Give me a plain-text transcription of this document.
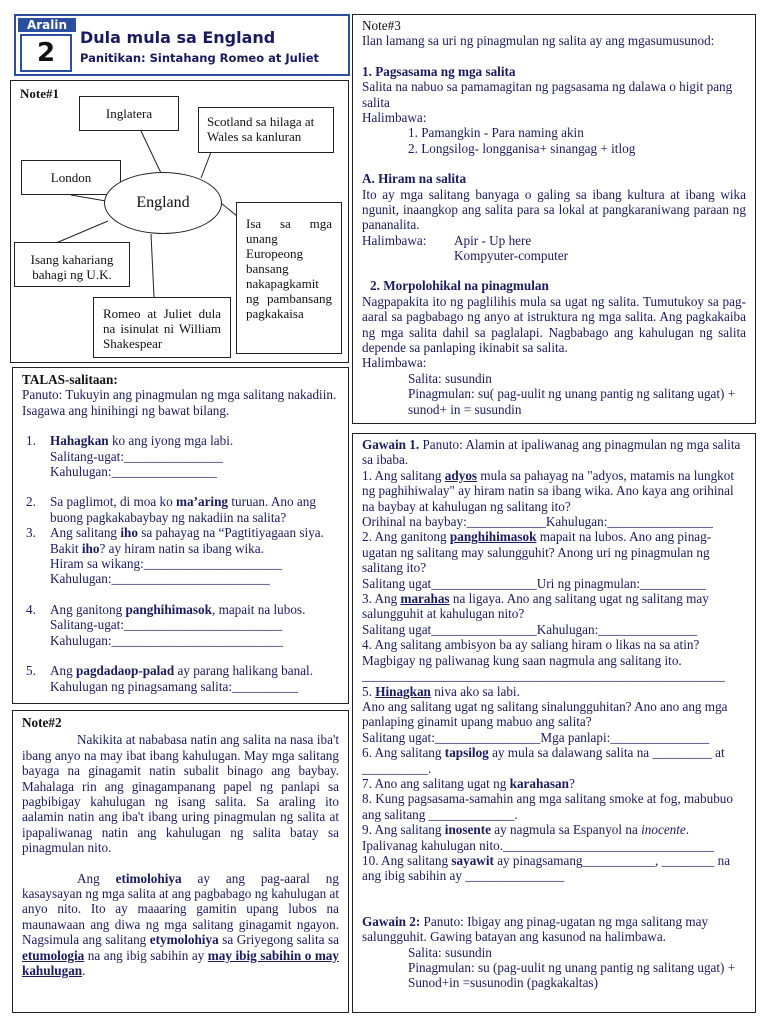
Aralin
2
Dula mula sa England
Panitikan: Sintahang Romeo at Juliet
Note#1
Inglatera
Scotland sa hilaga at Wales sa kanluran
London
England
Isa sa mga unang Europeong bansang nakapagkamit ng pambansang pagkakaisa
Isang kahariang bahagi ng U.K.
Romeo at Juliet dula na isinulat ni William Shakespear

TALAS-salitaan:

Panuto: Tukuyin ang pinagmulan ng mga salitang nakadiin. Isagawa ang hinihingi ng bawat bilang.

1.	Hahagkan ko ang iyong mga labi.

Salitang-ugat:_______________

Kahulugan:________________

2.	Sa paglimot, di moa ko ma’aring turuan. Ano ang buong pagkakabaybay ng nakadiin na salita?

3.	Ang salitang iho sa pahayag na “Pagtitiyagaan siya. Bakit iho? ay hiram natin sa ibang wika.

Hiram sa wikang:_____________________

Kahulugan:________________________

4.	Ang ganitong panghihimasok, mapait na lubos.

Salitang-ugat:________________________

Kahulugan:__________________________

5.	Ang pagdadaop-palad ay parang halikang banal.

Kahulugan ng pinagsamang salita:__________

Note#2

Nakikita at nababasa natin ang salita na nasa iba't ibang anyo na may ibat ibang kahulugan. May mga salitang bayaga na ginagamit natin subalit binago ang baybay. Mahalaga rin ang ginagampanang papel ng panlapi sa pagbibigay kahulugan ng isang salita. Sa araling ito aalamin natin ang iba't ibang uring pinagmulan ng salita at ipapaliwanag natin ang kahulugan ng salita batay sa pinagmulan nito.

Ang etimolohiya ay ang pag-aaral ng kasaysayan ng mga salita at ang pagbabago ng kahulugan at anyo nito. Ito ay maaaring gamitin upang lubos na maunawaan ang diwa ng mga salitang ginagamit ngayon. Nagsimula ang salitang etymolohiya sa Griyegong salita sa etumologia na ang ibig sabihin ay may ibig sabihin o may kahulugan.

Note#3

Ilan lamang sa uri ng pinagmulan ng salita ay ang mgasumusunod:

1. Pagsasama ng mga salita

Salita na nabuo sa pamamagitan ng pagsasama ng dalawa o higit pang salita

Halimbawa:

1. Pamangkin - Para naming akin

2. Longsilog- longganisa+ sinangag + itlog

A. Hiram na salita

Ito ay mga salitang banyaga o galing sa ibang kultura at ibang wika ngunit, inaangkop ang salita para sa lokal at pangkaraniwang paraan ng pananalita.

Halimbawa: Apir - Up here

Kompyuter-computer

2. Morpolohikal na pinagmulan

Nagpapakita ito ng paglilihis mula sa ugat ng salita. Tumutukoy sa pag-aaral sa pagbabago ng anyo at istruktura ng mga salita. Ang pagkakaiba ng mga salita dahil sa paglalapi. Nagbabago ang kahulugan ng salita depende sa panlaping ikinabit sa salita.

Halimbawa:

Salita: susundin

Pinagmulan: su( pag-uulit ng unang pantig ng salitang ugat) + sunod+ in = susundin

Gawain 1. Panuto: Alamin at ipaliwanag ang pinagmulan ng mga salita sa ibaba.

1. Ang salitang adyos mula sa pahayag na "adyos, matamis na lungkot ng paghihiwalay" ay hiram natin sa ibang wika. Ano kaya ang orihinal na baybay at kahulugan ng salitang ito?

Orihinal na baybay:____________Kahulugan:________________

2. Ang ganitong panghihimasok mapait na lubos. Ano ang pinag-ugatan ng salitang may salungguhit? Anong uri ng pinagmulan ng salitang ito?

Salitang ugat________________Uri ng pinagmulan:__________

3. Ang marahas na ligaya. Ano ang salitang ugat ng salitang may salungguhit at kahulugan nito?

Salitang ugat________________Kahulugan:_______________

4. Ang salitang ambisyon ba ay saliang hiram o likas na sa atin? Magbigay ng paliwanag kung saan nagmula ang salitang ito.

_______________________________________________________

5. Hinagkan niva ako sa labi.

Ano ang salitang ugat ng salitang sinalungguhitan? Ano ano ang mga panlaping ginamit upang mabuo ang salita?

Salitang ugat:________________Mga panlapi:_______________

6. Ang salitang tapsilog ay mula sa dalawang salita na _________ at __________.

7. Ano ang salitang ugat ng karahasan?

8. Kung pagsasama-samahin ang mga salitang smoke at fog, mabubuo ang salitang _____________.

9. Ang salitang inosente ay nagmula sa Espanyol na inocente.

Ipalivanag kahulugan nito.________________________________

10. Ang salitang sayawit ay pinagsamang___________, ________ na ang ibig sabihin ay _______________

Gawain 2: Panuto: Ibigay ang pinag-ugatan ng mga salitang may salungguhit. Gawing batayan ang kasunod na halimbawa.

Salita: susundin

Pinagmulan: su (pag-uulit ng unang pantig ng salitang ugat) +

Sunod+in =susunodin (pagkakaltas)
